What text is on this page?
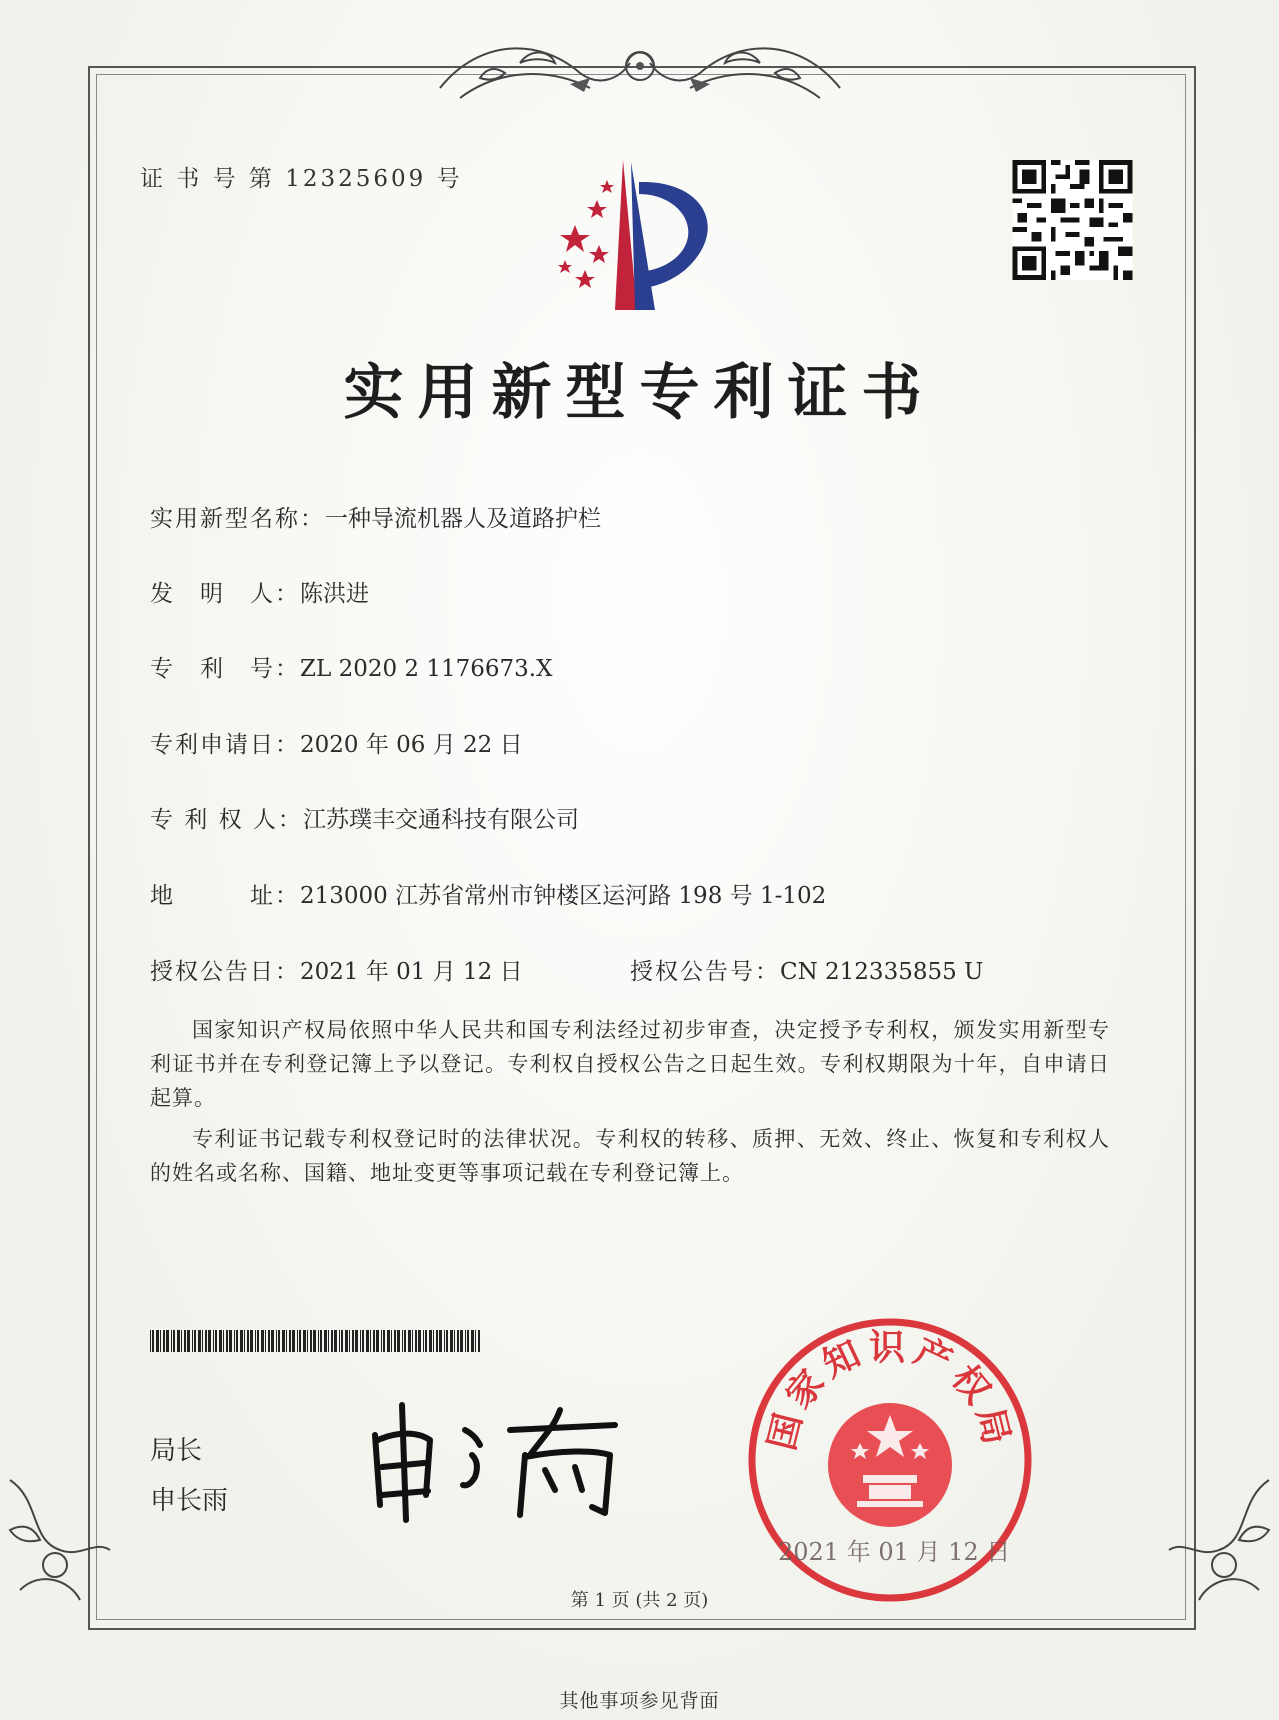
证 书 号 第 12325609 号
实用新型专利证书
实用新型名称：一种导流机器人及道路护栏
发　明　人：陈洪进
专　利　号：ZL 2020 2 1176673.X
专利申请日：2020 年 06 月 22 日
专 利 权 人：江苏璞丰交通科技有限公司
地　　　址：213000 江苏省常州市钟楼区运河路 198 号 1-102
授权公告日：2021 年 01 月 12 日	授权公告号：CN 212335855 U
国家知识产权局依照中华人民共和国专利法经过初步审查，决定授予专利权，颁发实用新型专利证书并在专利登记簿上予以登记。专利权自授权公告之日起生效。专利权期限为十年，自申请日起算。
专利证书记载专利权登记时的法律状况。专利权的转移、质押、无效、终止、恢复和专利权人的姓名或名称、国籍、地址变更等事项记载在专利登记簿上。
局长
申长雨
国家知识产权局
2021 年 01 月 12 日
第 1 页 (共 2 页)
其他事项参见背面
